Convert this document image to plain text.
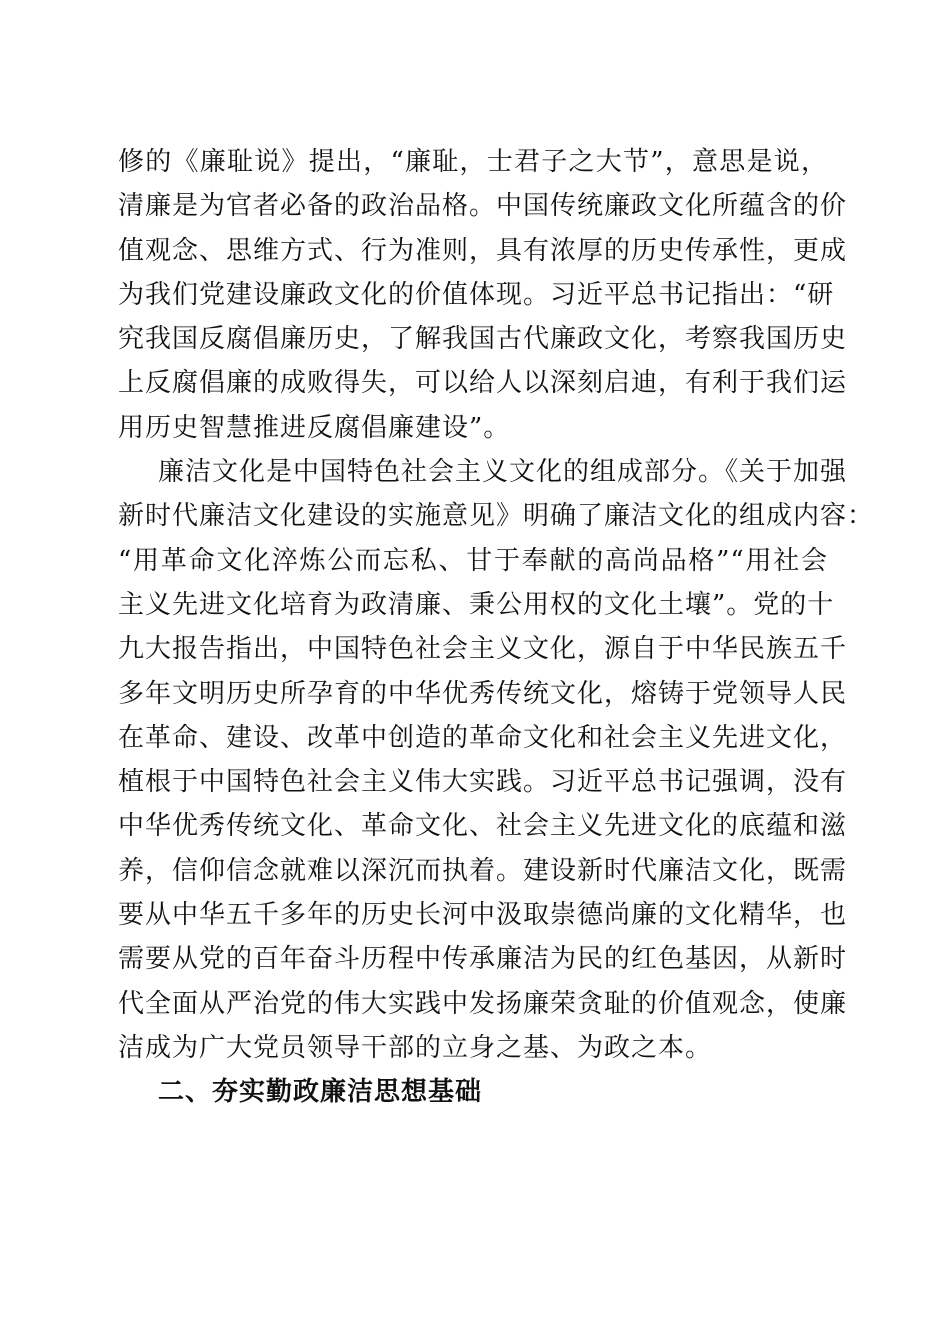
修的《廉耻说》提出，“廉耻，士君子之大节”，意思是说，
清廉是为官者必备的政治品格。中国传统廉政文化所蕴含的价
值观念、思维方式、行为准则，具有浓厚的历史传承性，更成
为我们党建设廉政文化的价值体现。习近平总书记指出：“研
究我国反腐倡廉历史，了解我国古代廉政文化，考察我国历史
上反腐倡廉的成败得失，可以给人以深刻启迪，有利于我们运
用历史智慧推进反腐倡廉建设”。
廉洁文化是中国特色社会主义文化的组成部分。《关于加强
新时代廉洁文化建设的实施意见》明确了廉洁文化的组成内容：
“用革命文化淬炼公而忘私、甘于奉献的高尚品格”“用社会
主义先进文化培育为政清廉、秉公用权的文化土壤”。党的十
九大报告指出，中国特色社会主义文化，源自于中华民族五千
多年文明历史所孕育的中华优秀传统文化，熔铸于党领导人民
在革命、建设、改革中创造的革命文化和社会主义先进文化，
植根于中国特色社会主义伟大实践。习近平总书记强调，没有
中华优秀传统文化、革命文化、社会主义先进文化的底蕴和滋
养，信仰信念就难以深沉而执着。建设新时代廉洁文化，既需
要从中华五千多年的历史长河中汲取崇德尚廉的文化精华，也
需要从党的百年奋斗历程中传承廉洁为民的红色基因，从新时
代全面从严治党的伟大实践中发扬廉荣贪耻的价值观念，使廉
洁成为广大党员领导干部的立身之基、为政之本。
二、夯实勤政廉洁思想基础
